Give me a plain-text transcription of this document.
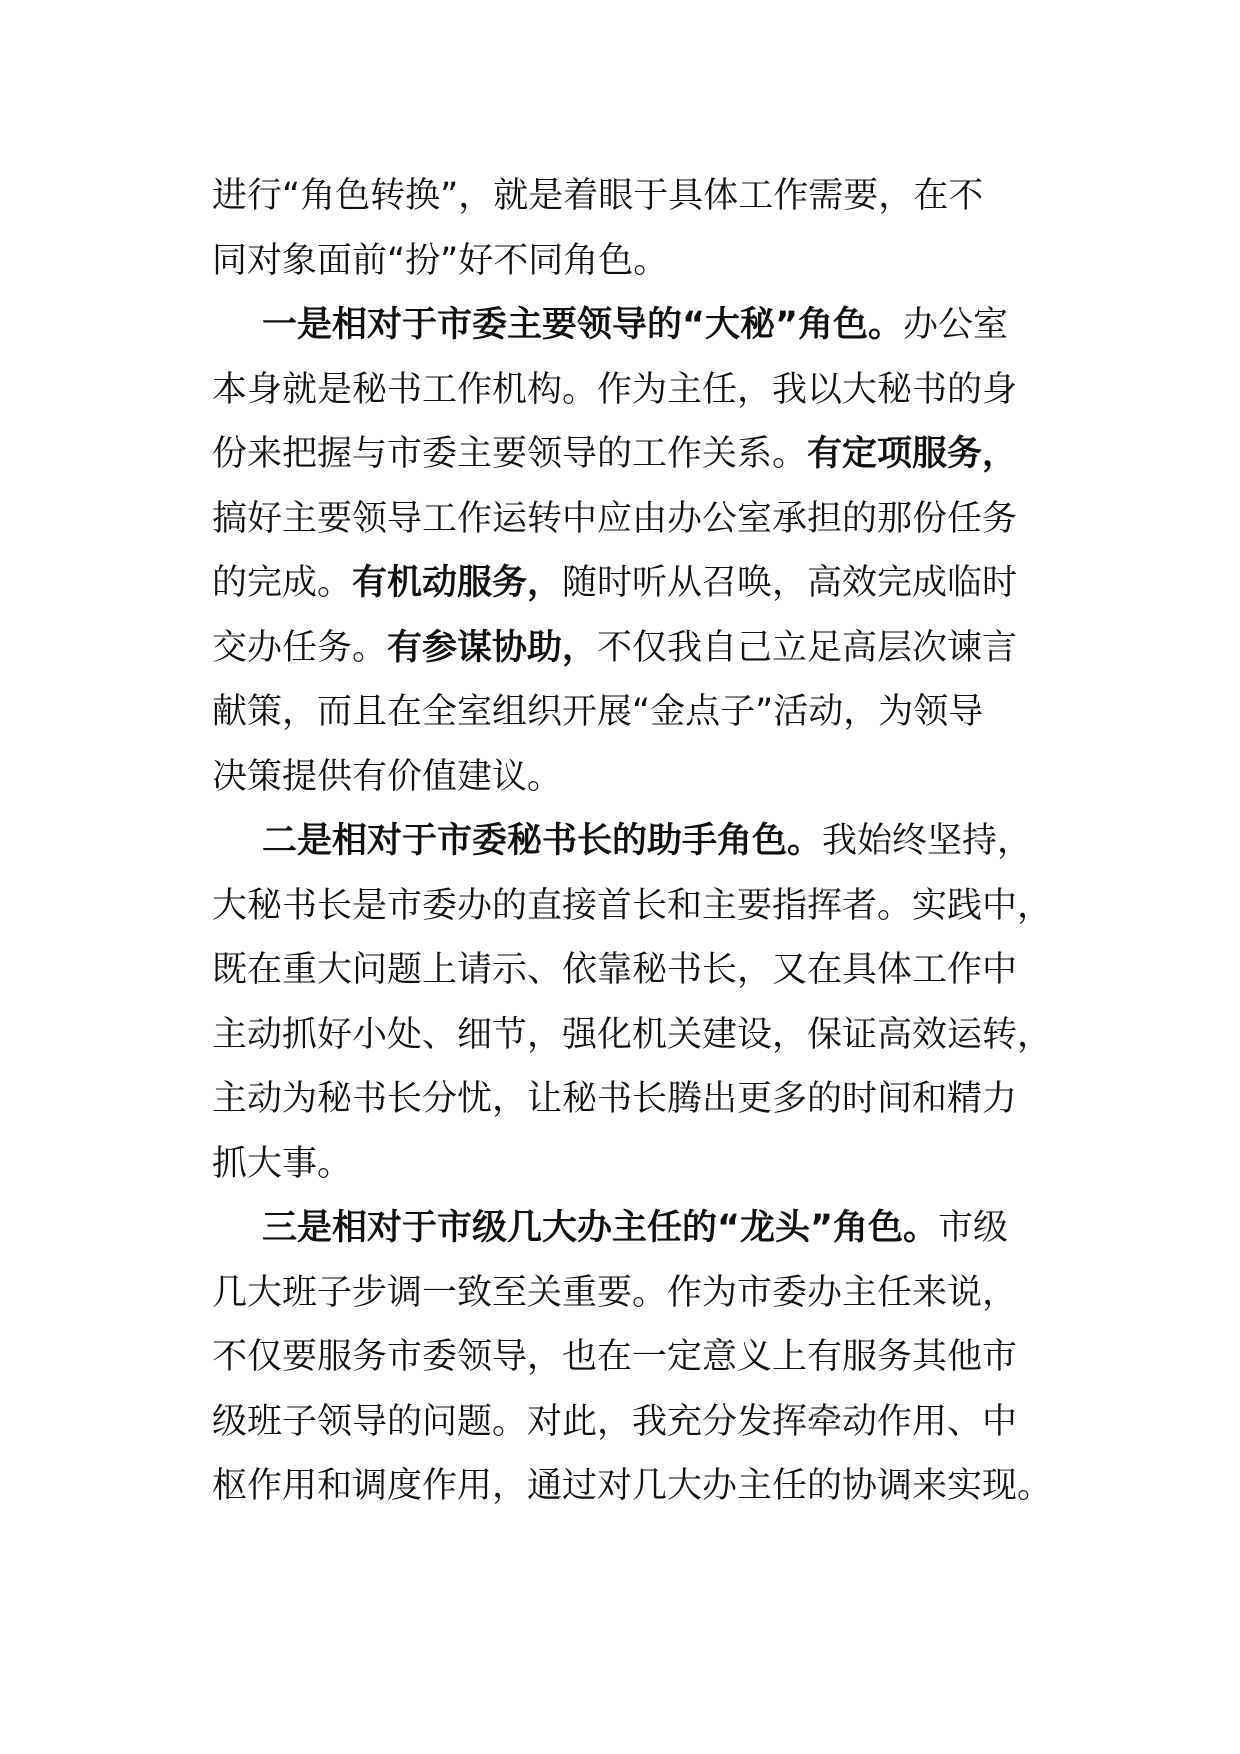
进行“角色转换”，就是着眼于具体工作需要，在不
同对象面前“扮”好不同角色。
一是相对于市委主要领导的“大秘”角色。办公室
本身就是秘书工作机构。作为主任，我以大秘书的身
份来把握与市委主要领导的工作关系。有定项服务，
搞好主要领导工作运转中应由办公室承担的那份任务
的完成。有机动服务，随时听从召唤，高效完成临时
交办任务。有参谋协助，不仅我自己立足高层次谏言
献策，而且在全室组织开展“金点子”活动，为领导
决策提供有价值建议。
二是相对于市委秘书长的助手角色。我始终坚持，
大秘书长是市委办的直接首长和主要指挥者。实践中，
既在重大问题上请示、依靠秘书长，又在具体工作中
主动抓好小处、细节，强化机关建设，保证高效运转，
主动为秘书长分忧，让秘书长腾出更多的时间和精力
抓大事。
三是相对于市级几大办主任的“龙头”角色。市级
几大班子步调一致至关重要。作为市委办主任来说，
不仅要服务市委领导，也在一定意义上有服务其他市
级班子领导的问题。对此，我充分发挥牵动作用、中
枢作用和调度作用，通过对几大办主任的协调来实现。
